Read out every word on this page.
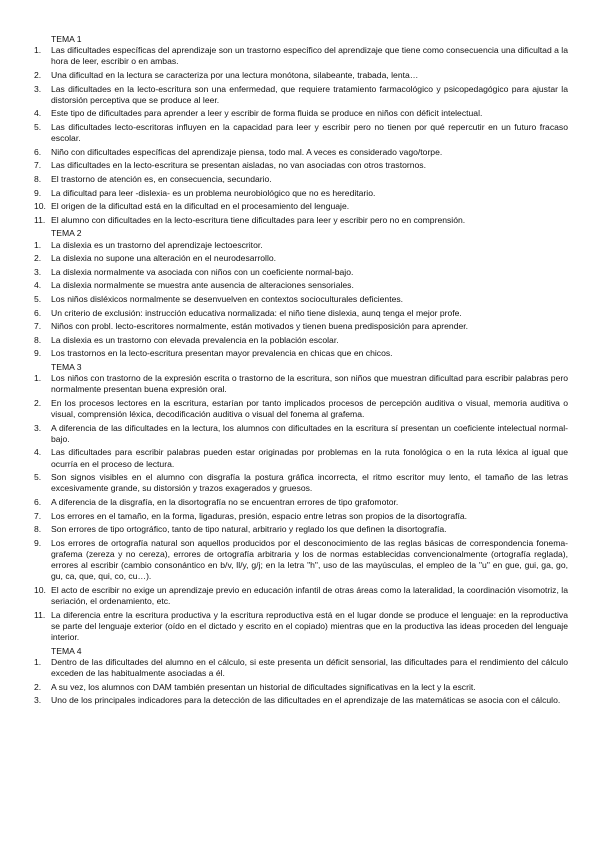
TEMA 1

1.	Las dificultades específicas del aprendizaje son un trastorno específico del aprendizaje que tiene como consecuencia una dificultad a la hora de leer, escribir o en ambas.
2.	Una dificultad en la lectura se caracteriza por una lectura monótona, silabeante, trabada, lenta…
3.	Las dificultades en la lecto-escritura son una enfermedad, que requiere tratamiento farmacológico y psicopedagógico para ajustar la distorsión perceptiva que se produce al leer.
4.	Este tipo de dificultades para aprender a leer y escribir de forma fluida se produce en niños con déficit intelectual.
5.	Las dificultades lecto-escritoras influyen en la capacidad para leer y escribir pero no tienen por qué repercutir en un futuro fracaso escolar.
6.	Niño con dificultades específicas del aprendizaje piensa, todo mal. A veces es considerado vago/torpe.
7.	Las dificultades en la lecto-escritura se presentan aisladas, no van asociadas con otros trastornos.
8.	El trastorno de atención es, en consecuencia, secundario.
9.	La dificultad para leer -dislexia- es un problema neurobiológico que no es hereditario.
10. El origen de la dificultad está en la dificultad en el procesamiento del lenguaje.
11. El alumno con dificultades en la lecto-escritura tiene dificultades para leer y escribir pero no en comprensión.

TEMA 2

1.	La dislexia es un trastorno del aprendizaje lectoescritor.
2.	La dislexia no supone una alteración en el neurodesarrollo.
3.	La dislexia normalmente va asociada con niños con un coeficiente normal-bajo.
4.	La dislexia normalmente se muestra ante ausencia de alteraciones sensoriales.
5.	Los niños disléxicos normalmente se desenvuelven en contextos socioculturales deficientes.
6.	Un criterio de exclusión: instrucción educativa normalizada: el niño tiene dislexia, aunq tenga el mejor profe.
7.	Niños con probl. lecto-escritores normalmente, están motivados y tienen buena predisposición para aprender.
8.	La dislexia es un trastorno con elevada prevalencia en la población escolar.
9.	Los trastornos en la lecto-escritura presentan mayor prevalencia en chicas que en chicos.

TEMA 3

1.	Los niños con trastorno de la expresión escrita o trastorno de la escritura, son niños que muestran dificultad para escribir palabras pero normalmente presentan buena expresión oral.
2.	En los procesos lectores en la escritura, estarían por tanto implicados procesos de percepción auditiva o visual, memoria auditiva o visual, comprensión léxica, decodificación auditiva o visual del fonema al grafema.
3.	A diferencia de las dificultades en la lectura, los alumnos con dificultades en la escritura sí presentan un coeficiente intelectual normal-bajo.
4.	Las dificultades para escribir palabras pueden estar originadas por problemas en la ruta fonológica o en la ruta léxica al igual que ocurría en el proceso de lectura.
5.	Son signos visibles en el alumno con disgrafía la postura gráfica incorrecta, el ritmo escritor muy lento, el tamaño de las letras excesivamente grande, su distorsión y trazos exagerados y gruesos.
6.	A diferencia de la disgrafía, en la disortografía no se encuentran errores de tipo grafomotor.
7.	Los errores en el tamaño, en la forma, ligaduras, presión, espacio entre letras son propios de la disortografía.
8.	Son errores de tipo ortográfico, tanto de tipo natural, arbitrario y reglado los que definen la disortografía.
9.	Los errores de ortografía natural son aquellos producidos por el desconocimiento de las reglas básicas de correspondencia fonema-grafema (zereza y no cereza), errores de ortografía arbitraria y los de normas establecidas convencionalmente (ortografía reglada), errores al escribir (cambio consonántico en b/v, ll/y, g/j; en la letra "h", uso de las mayúsculas, el empleo de la "u" en gue, gui, ga, go, gu, ca, que, qui, co, cu…).
10. El acto de escribir no exige un aprendizaje previo en educación infantil de otras áreas como la lateralidad, la coordinación visomotriz, la seriación, el ordenamiento, etc.
11. La diferencia entre la escritura productiva y la escritura reproductiva está en el lugar donde se produce el lenguaje: en la reproductiva se parte del lenguaje exterior (oído en el dictado y escrito en el copiado) mientras que en la productiva las ideas proceden del lenguaje interior.

TEMA 4

1.	Dentro de las dificultades del alumno en el cálculo, si este presenta un déficit sensorial, las dificultades para el rendimiento del cálculo exceden de las habitualmente asociadas a él.
2.	A su vez, los alumnos con DAM también presentan un historial de dificultades significativas en la lect y la escrit.
3.	Uno de los principales indicadores para la detección de las dificultades en el aprendizaje de las matemáticas se asocia con el cálculo.
